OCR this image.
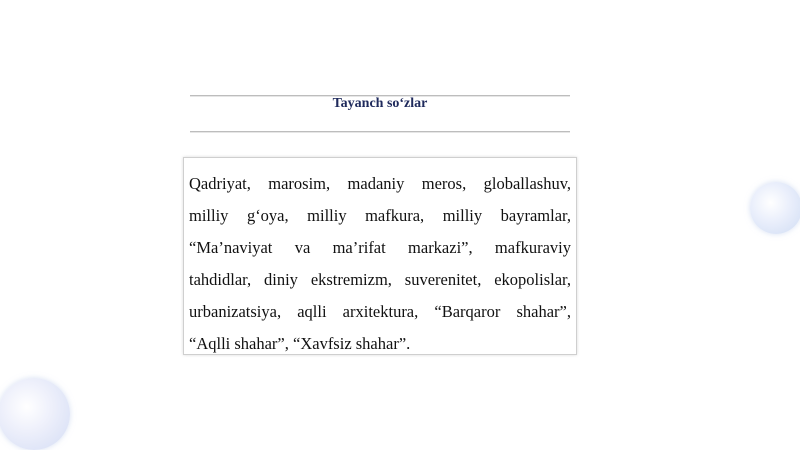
Tayanch so‘zlar
Qadriyat, marosim, madaniy meros, globallashuv,
milliy g‘oya, milliy mafkura, milliy bayramlar,
“Ma’naviyat va ma’rifat markazi”, mafkuraviy
tahdidlar, diniy ekstremizm, suverenitet, ekopolislar,
urbanizatsiya, aqlli arxitektura, “Barqaror shahar”,
“Aqlli shahar”, “Xavfsiz shahar”.
